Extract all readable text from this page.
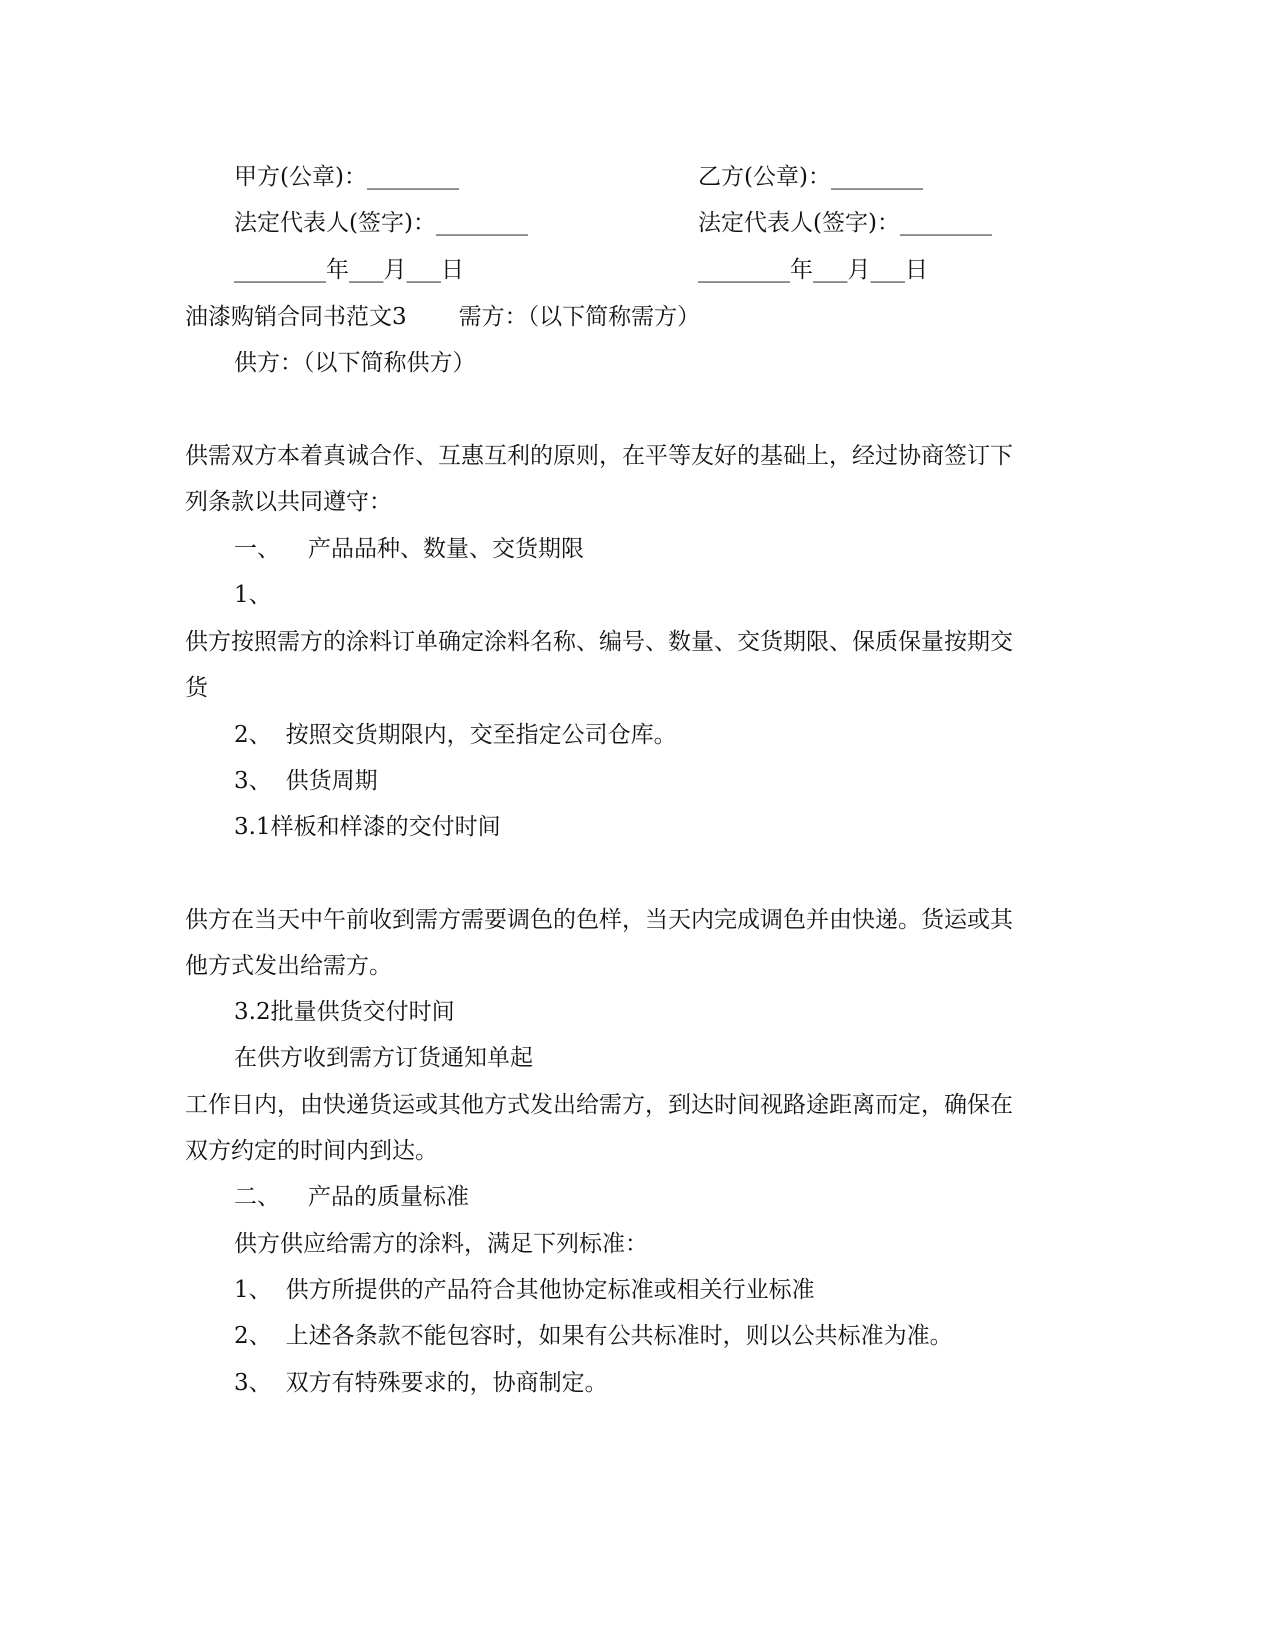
甲方(公章)：________	乙方(公章)：________
法定代表人(签字)：________	法定代表人(签字)：________
________年___月___日	________年___月___日
油漆购销合同书范文3 需方：（以下简称需方）
供方：（以下简称供方）
供需双方本着真诚合作、互惠互利的原则，在平等友好的基础上，经过协商签订下
列条款以共同遵守：
一、 产品品种、数量、交货期限
1、
供方按照需方的涂料订单确定涂料名称、编号、数量、交货期限、保质保量按期交
货
2、 按照交货期限内，交至指定公司仓库。
3、 供货周期
3.1样板和样漆的交付时间
供方在当天中午前收到需方需要调色的色样，当天内完成调色并由快递。货运或其
他方式发出给需方。
3.2批量供货交付时间
在供方收到需方订货通知单起
工作日内，由快递货运或其他方式发出给需方，到达时间视路途距离而定，确保在
双方约定的时间内到达。
二、 产品的质量标准
供方供应给需方的涂料，满足下列标准：
1、 供方所提供的产品符合其他协定标准或相关行业标准
2、 上述各条款不能包容时，如果有公共标准时，则以公共标准为准。
3、 双方有特殊要求的，协商制定。
